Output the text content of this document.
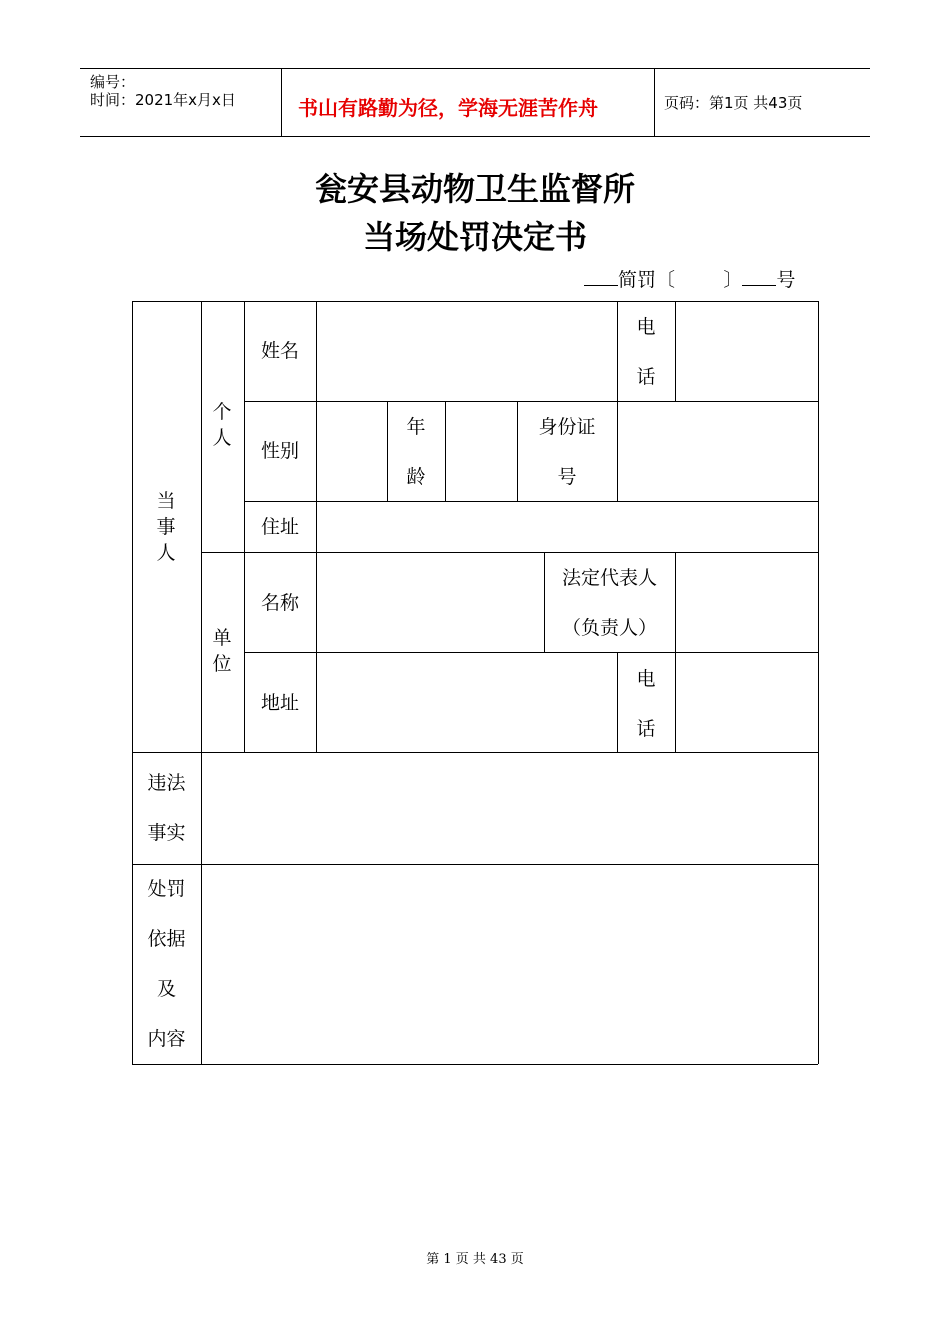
编号：
时间：2021年x月x日	书山有路勤为径，学海无涯苦作舟	页码：第1页 共43页
瓮安县动物卫生监督所
当场处罚决定书
简罚〔        〕 号
当事人
违法
事实
处罚
依据
及
内容
个人
单位
姓名
电
话
性别
年
龄
身份证
号
住址
名称
法定代表人
（负责人）
地址
电
话
第 1 页 共 43 页
